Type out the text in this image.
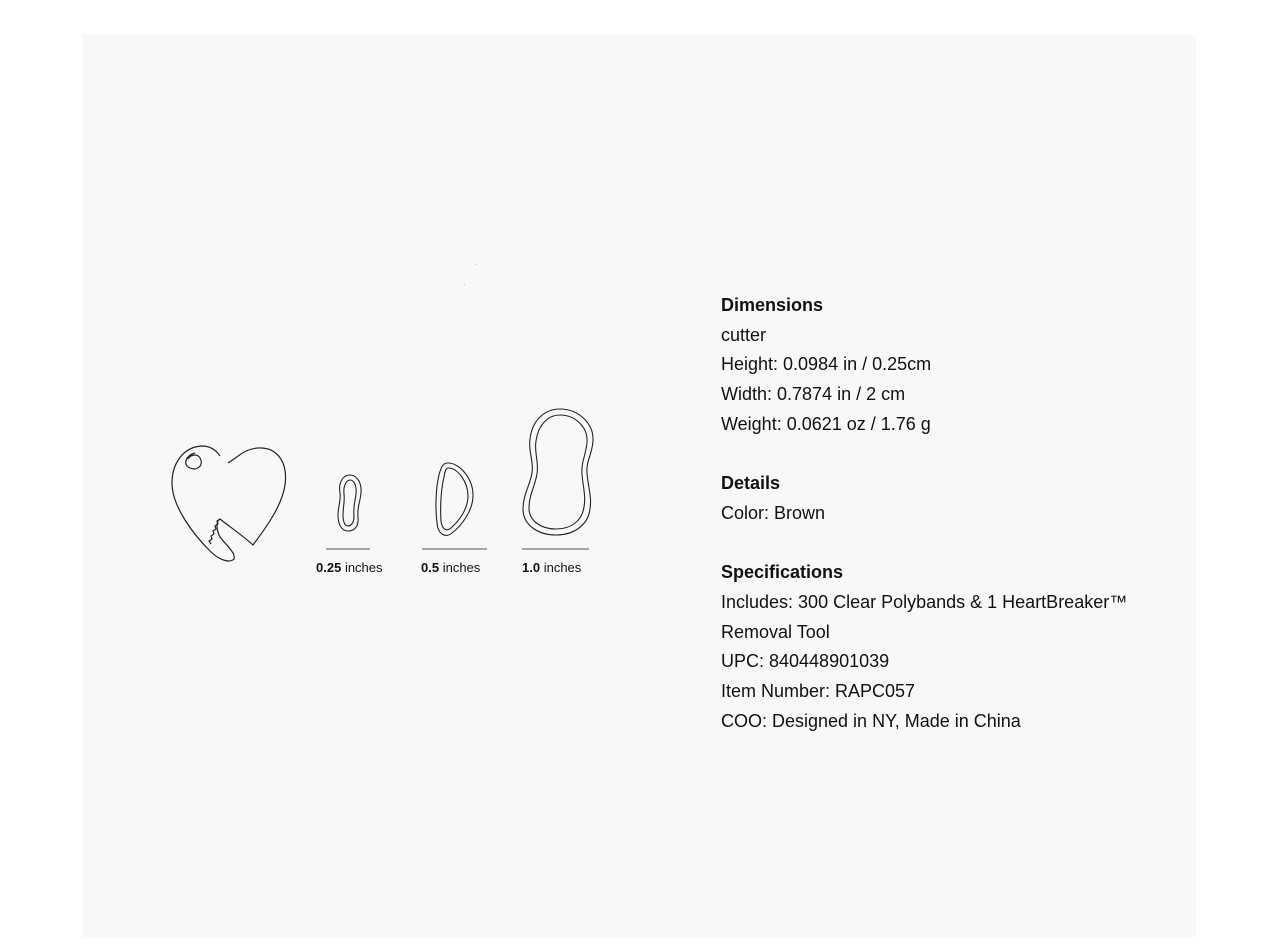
0.25 inches	0.5 inches	1.0 inches
Dimensions
cutter
Height: 0.0984 in / 0.25cm
Width: 0.7874 in / 2 cm
Weight: 0.0621 oz / 1.76 g
Details
Color: Brown
Specifications
Includes: 300 Clear Polybands & 1 HeartBreaker™
Removal Tool
UPC: 840448901039
Item Number: RAPC057
COO: Designed in NY, Made in China
